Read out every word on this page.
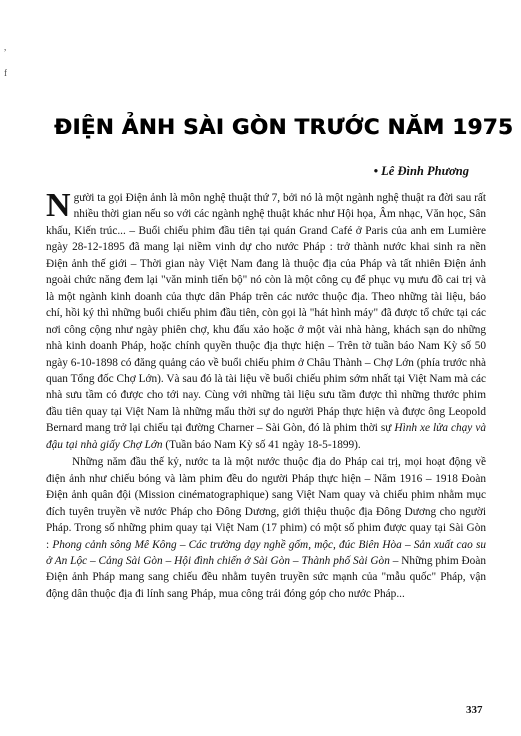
,
f
ĐIỆN ẢNH SÀI GÒN TRƯỚC NĂM 1975
• Lê Đình Phương

Người ta gọi Điện ảnh là môn nghệ thuật thứ 7, bởi nó là một ngành nghệ thuật ra đời sau rất nhiều thời gian nếu so với các ngành nghệ thuật khác như Hội họa, Âm nhạc, Văn học, Sân khấu, Kiến trúc... – Buổi chiếu phim đầu tiên tại quán Grand Café ở Paris của anh em Lumière ngày 28-12-1895 đã mang lại niềm vinh dự cho nước Pháp : trở thành nước khai sinh ra nền Điện ảnh thế giới – Thời gian này Việt Nam đang là thuộc địa của Pháp và tất nhiên Điện ảnh ngoài chức năng đem lại "văn minh tiến bộ" nó còn là một công cụ để phục vụ mưu đồ cai trị và là một ngành kinh doanh của thực dân Pháp trên các nước thuộc địa. Theo những tài liệu, báo chí, hồi ký thì những buổi chiếu phim đầu tiên, còn gọi là "hát hình máy" đã được tổ chức tại các nơi công cộng như ngày phiên chợ, khu đấu xảo hoặc ở một vài nhà hàng, khách sạn do những nhà kinh doanh Pháp, hoặc chính quyền thuộc địa thực hiện – Trên tờ tuần báo Nam Kỳ số 50 ngày 6-10-1898 có đăng quảng cáo về buổi chiếu phim ở Châu Thành – Chợ Lớn (phía trước nhà quan Tổng đốc Chợ Lớn). Và sau đó là tài liệu về buổi chiếu phim sớm nhất tại Việt Nam mà các nhà sưu tầm có được cho tới nay. Cùng với những tài liệu sưu tầm được thì những thước phim đầu tiên quay tại Việt Nam là những mẩu thời sự do người Pháp thực hiện và được ông Leopold Bernard mang trở lại chiếu tại đường Charner – Sài Gòn, đó là phim thời sự Hình xe lửa chạy và đậu tại nhà giấy Chợ Lớn (Tuần báo Nam Kỳ số 41 ngày 18-5-1899).

Những năm đầu thế kỷ, nước ta là một nước thuộc địa do Pháp cai trị, mọi hoạt động về điện ảnh như chiếu bóng và làm phim đều do người Pháp thực hiện – Năm 1916 – 1918 Đoàn Điện ảnh quân đội (Mission cinématographique) sang Việt Nam quay và chiếu phim nhằm mục đích tuyên truyền về nước Pháp cho Đông Dương, giới thiệu thuộc địa Đông Dương cho người Pháp. Trong số những phim quay tại Việt Nam (17 phim) có một số phim được quay tại Sài Gòn : Phong cảnh sông Mê Kông – Các trường dạy nghề gốm, mộc, đúc Biên Hòa – Sản xuất cao su ở An Lộc – Cảng Sài Gòn – Hội đình chiến ở Sài Gòn – Thành phố Sài Gòn – Những phim Đoàn Điện ảnh Pháp mang sang chiếu đều nhằm tuyên truyền sức mạnh của "mẫu quốc" Pháp, vận động dân thuộc địa đi lính sang Pháp, mua công trái đóng góp cho nước Pháp...

337
